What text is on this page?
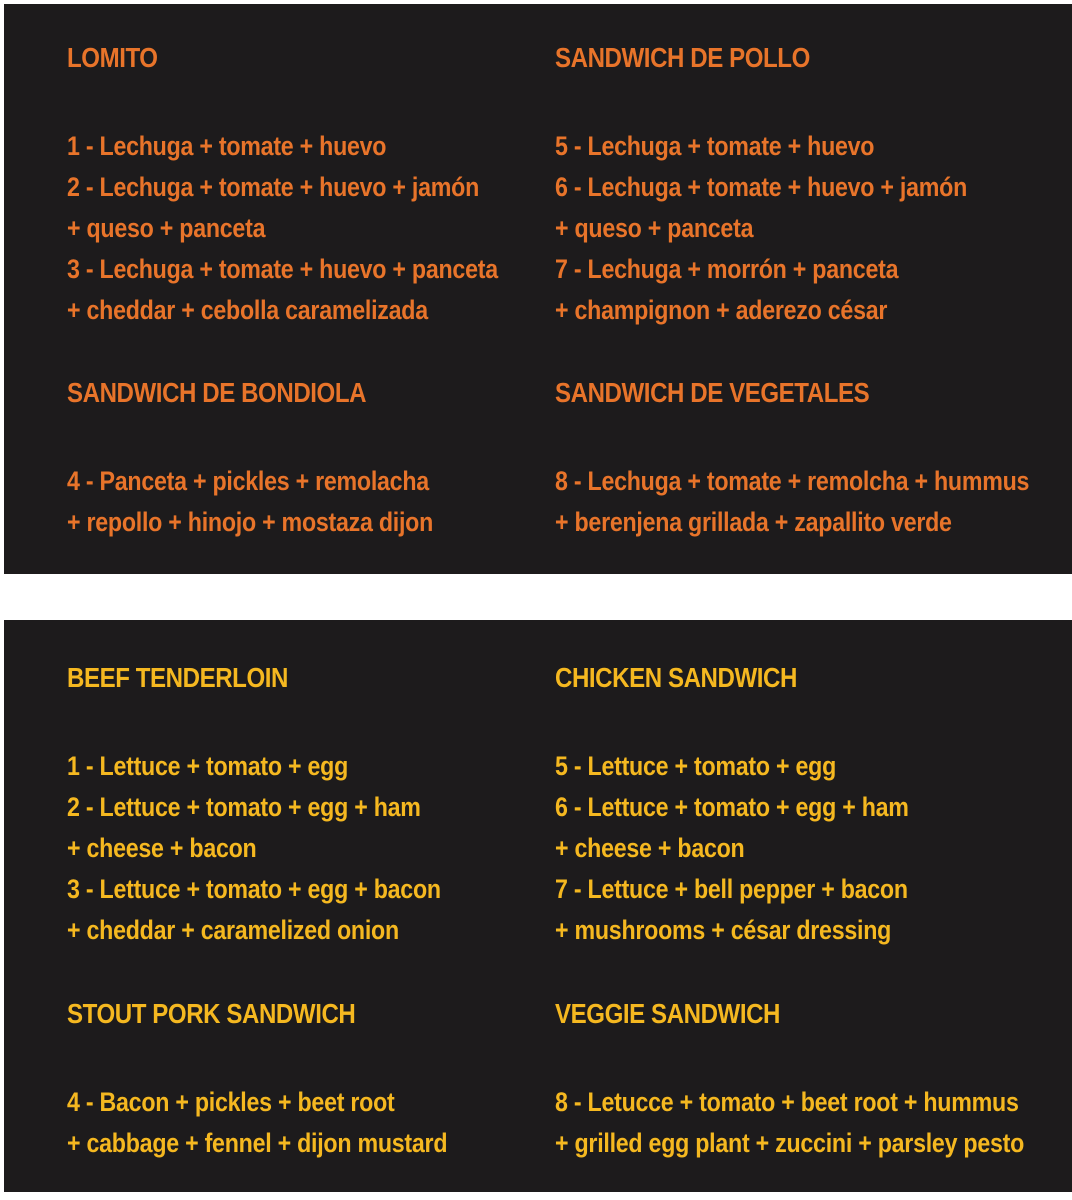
LOMITO
1 - Lechuga + tomate + huevo
2 - Lechuga + tomate + huevo + jamón
+ queso + panceta
3 - Lechuga + tomate + huevo + panceta
+ cheddar + cebolla caramelizada
SANDWICH DE BONDIOLA
4 - Panceta + pickles + remolacha
+ repollo + hinojo + mostaza dijon
SANDWICH DE POLLO
5 - Lechuga + tomate + huevo
6 - Lechuga + tomate + huevo + jamón
+ queso + panceta
7 - Lechuga + morrón + panceta
+ champignon + aderezo césar
SANDWICH DE VEGETALES
8 - Lechuga + tomate + remolcha + hummus
+ berenjena grillada + zapallito verde
BEEF TENDERLOIN
1 - Lettuce + tomato + egg
2 - Lettuce + tomato + egg + ham
+ cheese + bacon
3 - Lettuce + tomato + egg + bacon
+ cheddar + caramelized onion
STOUT PORK SANDWICH
4 - Bacon + pickles + beet root
+ cabbage + fennel + dijon mustard
CHICKEN SANDWICH
5 - Lettuce + tomato + egg
6 - Lettuce + tomato + egg + ham
+ cheese + bacon
7 - Lettuce + bell pepper + bacon
+ mushrooms + césar dressing
VEGGIE SANDWICH
8 - Letucce + tomato + beet root + hummus
+ grilled egg plant + zuccini + parsley pesto
